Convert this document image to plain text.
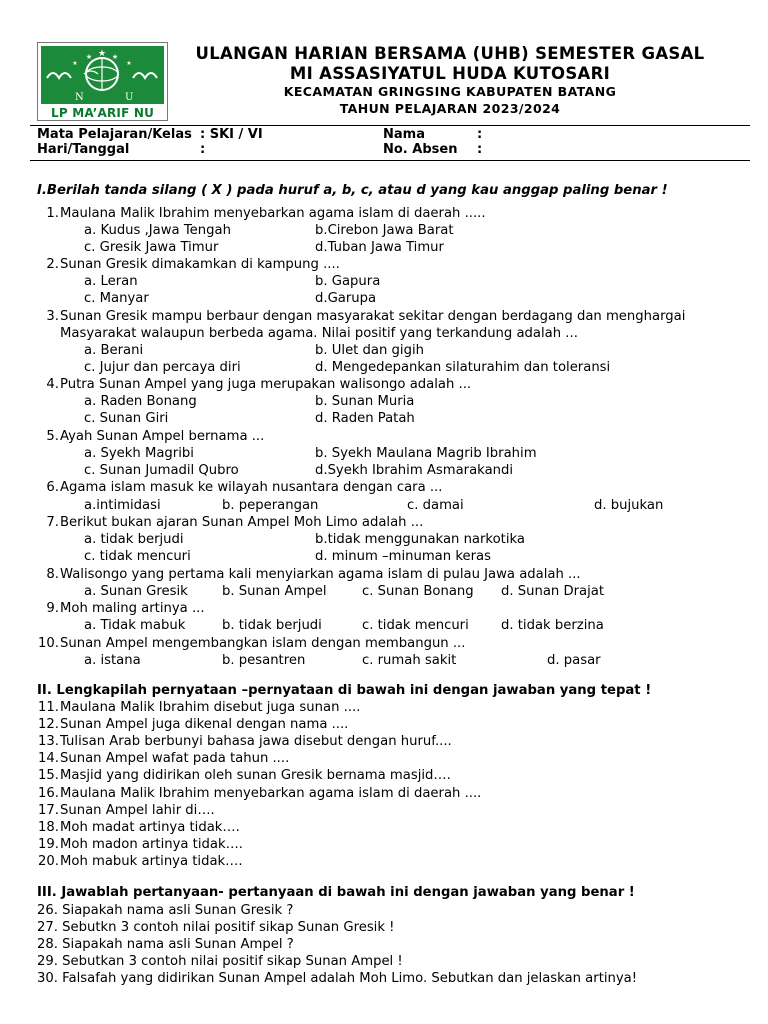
★
★	★
★	★
N	U
LP MA’ARIF NU
ULANGAN HARIAN BERSAMA (UHB) SEMESTER GASAL
MI ASSASIYATUL HUDA KUTOSARI
KECAMATAN GRINGSING KABUPATEN BATANG
TAHUN PELAJARAN 2023/2024
Mata Pelajaran/Kelas : SKI / VI
Hari/Tanggal	:
Nama	:
No. Absen :
I.Berilah tanda silang ( X ) pada huruf a, b, c, atau d yang kau anggap paling benar !
1. Maulana Malik Ibrahim menyebarkan agama islam di daerah .....
a. Kudus ,Jawa Tengah	b.Cirebon Jawa Barat
c. Gresik Jawa Timur	d.Tuban Jawa Timur
2. Sunan Gresik dimakamkan di kampung ....
a. Leran	b. Gapura
c. Manyar	d.Garupa
3. Sunan Gresik mampu berbaur dengan masyarakat sekitar dengan berdagang dan menghargai
Masyarakat walaupun berbeda agama. Nilai positif yang terkandung adalah ...
a. Berani	b. Ulet dan gigih
c. Jujur dan percaya diri	d. Mengedepankan silaturahim dan toleransi
4. Putra Sunan Ampel yang juga merupakan walisongo adalah ...
a. Raden Bonang	b. Sunan Muria
c. Sunan Giri	d. Raden Patah
5. Ayah Sunan Ampel bernama ...
a. Syekh Magribi	b. Syekh Maulana Magrib Ibrahim
c. Sunan Jumadil Qubro	d.Syekh Ibrahim Asmarakandi
6. Agama islam masuk ke wilayah nusantara dengan cara ...
a.intimidasi	b. peperangan	c. damai	d. bujukan
7. Berikut bukan ajaran Sunan Ampel Moh Limo adalah ...
a. tidak berjudi	b.tidak menggunakan narkotika
c. tidak mencuri	d. minum –minuman keras
8. Walisongo yang pertama kali menyiarkan agama islam di pulau Jawa adalah ...
a. Sunan Gresik	b. Sunan Ampel	c. Sunan Bonang d. Sunan Drajat
9. Moh maling artinya ...
a. Tidak mabuk	b. tidak berjudi	c. tidak mencuri d. tidak berzina
10. Sunan Ampel mengembangkan islam dengan membangun ...
a. istana	b. pesantren	c. rumah sakit	d. pasar
II. Lengkapilah pernyataan –pernyataan di bawah ini dengan jawaban yang tepat !
11. Maulana Malik Ibrahim disebut juga sunan ....
12. Sunan Ampel juga dikenal dengan nama ....
13. Tulisan Arab berbunyi bahasa jawa disebut dengan huruf....
14. Sunan Ampel wafat pada tahun ....
15. Masjid yang didirikan oleh sunan Gresik bernama masjid….
16. Maulana Malik Ibrahim menyebarkan agama islam di daerah ....
17. Sunan Ampel lahir di….
18. Moh madat artinya tidak….
19. Moh madon artinya tidak….
20. Moh mabuk artinya tidak….
III. Jawablah pertanyaan- pertanyaan di bawah ini dengan jawaban yang benar !
26. Siapakah nama asli Sunan Gresik ?
27. Sebutkn 3 contoh nilai positif sikap Sunan Gresik !
28. Siapakah nama asli Sunan Ampel ?
29. Sebutkan 3 contoh nilai positif sikap Sunan Ampel !
30. Falsafah yang didirikan Sunan Ampel adalah Moh Limo. Sebutkan dan jelaskan artinya!
